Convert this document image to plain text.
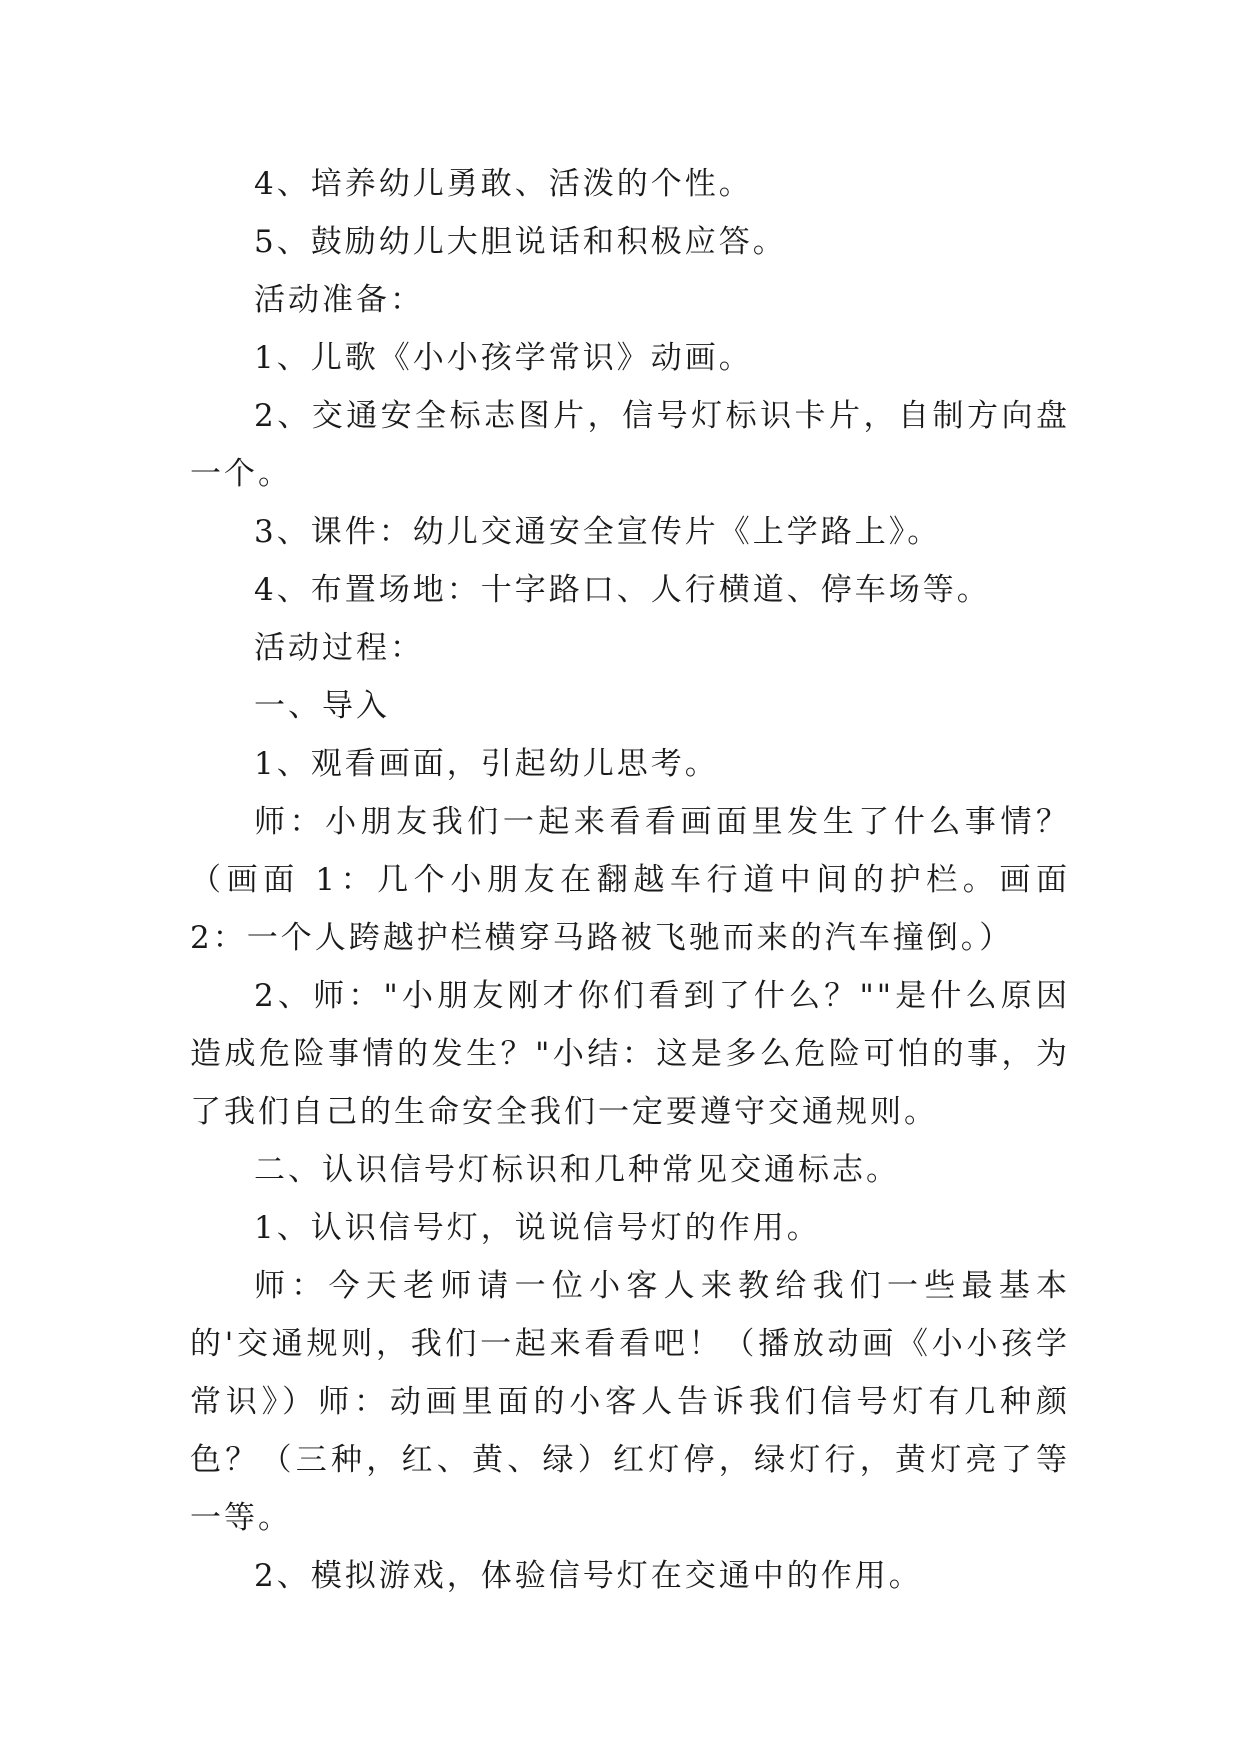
4、培养幼儿勇敢、活泼的个性。

5、鼓励幼儿大胆说话和积极应答。

活动准备：

1、儿歌《小小孩学常识》动画。

2、交通安全标志图片，信号灯标识卡片，自制方向盘一个。

3、课件：幼儿交通安全宣传片《上学路上》。

4、布置场地：十字路口、人行横道、停车场等。

活动过程：

一、导入

1、观看画面，引起幼儿思考。

师：小朋友我们一起来看看画面里发生了什么事情？（画面 1：几个小朋友在翻越车行道中间的护栏。画面 2：一个人跨越护栏横穿马路被飞驰而来的汽车撞倒。）

2、师："小朋友刚才你们看到了什么？""是什么原因造成危险事情的发生？"小结：这是多么危险可怕的事，为了我们自己的生命安全我们一定要遵守交通规则。

二、认识信号灯标识和几种常见交通标志。

1、认识信号灯，说说信号灯的作用。

师：今天老师请一位小客人来教给我们一些最基本的'交通规则，我们一起来看看吧！（播放动画《小小孩学常识》）师：动画里面的小客人告诉我们信号灯有几种颜色？（三种，红、黄、绿）红灯停，绿灯行，黄灯亮了等一等。

2、模拟游戏，体验信号灯在交通中的作用。
